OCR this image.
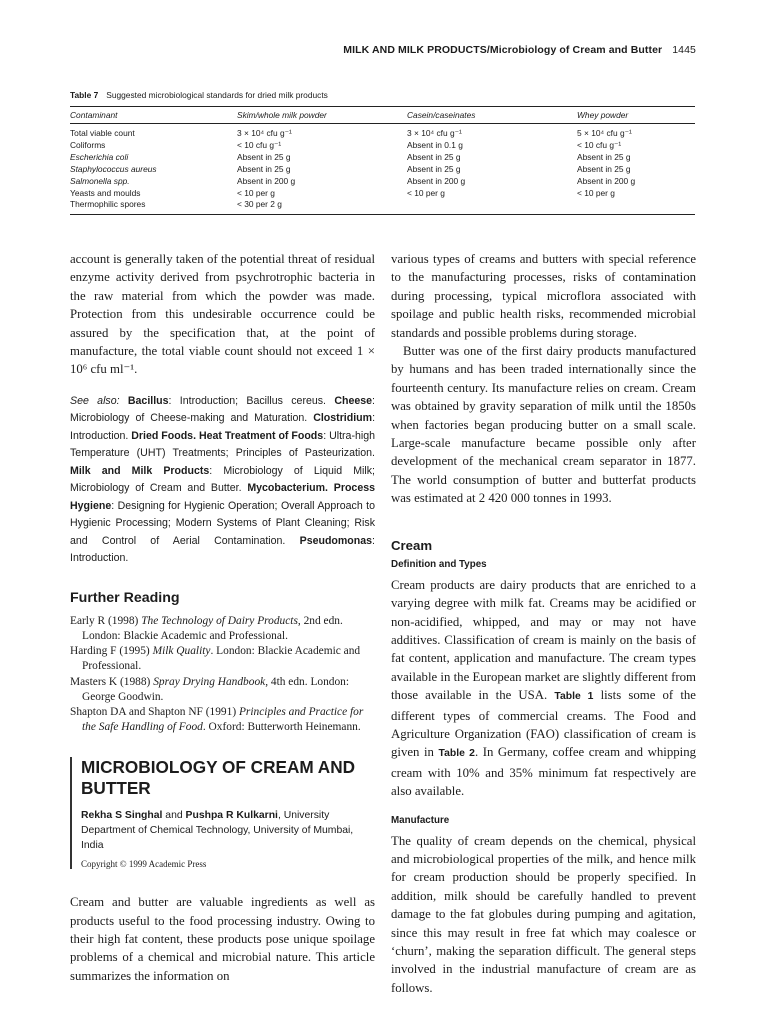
MILK AND MILK PRODUCTS/Microbiology of Cream and Butter 1445
Table 7 Suggested microbiological standards for dried milk products
Contaminant	Skim/whole milk powder	Casein/caseinates	Whey powder
Total viable count	3 × 10⁴ cfu g⁻¹	3 × 10⁴ cfu g⁻¹	5 × 10⁴ cfu g⁻¹
Coliforms	< 10 cfu g⁻¹	Absent in 0.1 g	< 10 cfu g⁻¹
Escherichia coli	Absent in 25 g	Absent in 25 g	Absent in 25 g
Staphylococcus aureus	Absent in 25 g	Absent in 25 g	Absent in 25 g
Salmonella spp.	Absent in 200 g	Absent in 200 g	Absent in 200 g
Yeasts and moulds	< 10 per g	< 10 per g	< 10 per g
Thermophilic spores	< 30 per 2 g		

account is generally taken of the potential threat of residual enzyme activity derived from psychrotrophic bacteria in the raw material from which the powder was made. Protection from this undesirable occurrence could be assured by the specification that, at the point of manufacture, the total viable count should not exceed 1 × 10⁶ cfu ml⁻¹.

See also: Bacillus: Introduction; Bacillus cereus. Cheese: Microbiology of Cheese-making and Maturation. Clostridium: Introduction. Dried Foods. Heat Treatment of Foods: Ultra-high Temperature (UHT) Treatments; Principles of Pasteurization. Milk and Milk Products: Microbiology of Liquid Milk; Microbiology of Cream and Butter. Mycobacterium. Process Hygiene: Designing for Hygienic Operation; Overall Approach to Hygienic Processing; Modern Systems of Plant Cleaning; Risk and Control of Aerial Contamination. Pseudomonas: Introduction.

Further Reading
Early R (1998) The Technology of Dairy Products, 2nd edn. London: Blackie Academic and Professional.
Harding F (1995) Milk Quality. London: Blackie Academic and Professional.
Masters K (1988) Spray Drying Handbook, 4th edn. London: George Goodwin.
Shapton DA and Shapton NF (1991) Principles and Practice for the Safe Handling of Food. Oxford: Butterworth Heinemann.
MICROBIOLOGY OF CREAM AND BUTTER

Rekha S Singhal and Pushpa R Kulkarni, University Department of Chemical Technology, University of Mumbai, India

Copyright © 1999 Academic Press

Cream and butter are valuable ingredients as well as products useful to the food processing industry. Owing to their high fat content, these products pose unique spoilage problems of a chemical and microbial nature. This article summarizes the information on

various types of creams and butters with special reference to the manufacturing processes, risks of contamination during processing, typical microflora associated with spoilage and public health risks, recommended microbial standards and possible problems during storage.

Butter was one of the first dairy products manufactured by humans and has been traded internationally since the fourteenth century. Its manufacture relies on cream. Cream was obtained by gravity separation of milk until the 1850s when factories began producing butter on a small scale. Large-scale manufacture became possible only after development of the mechanical cream separator in 1877. The world consumption of butter and butterfat products was estimated at 2 420 000 tonnes in 1993.

Cream
Definition and Types

Cream products are dairy products that are enriched to a varying degree with milk fat. Creams may be acidified or non-acidified, whipped, and may or may not have additives. Classification of cream is mainly on the basis of fat content, application and manufacture. The cream types available in the European market are slightly different from those available in the USA. Table 1 lists some of the different types of commercial creams. The Food and Agriculture Organization (FAO) classification of cream is given in Table 2. In Germany, coffee cream and whipping cream with 10% and 35% minimum fat respectively are also available.

Manufacture

The quality of cream depends on the chemical, physical and microbiological properties of the milk, and hence milk for cream production should be properly specified. In addition, milk should be carefully handled to prevent damage to the fat globules during pumping and agitation, since this may result in free fat which may coalesce or ‘churn’, making the separation difficult. The general steps involved in the industrial manufacture of cream are as follows.
